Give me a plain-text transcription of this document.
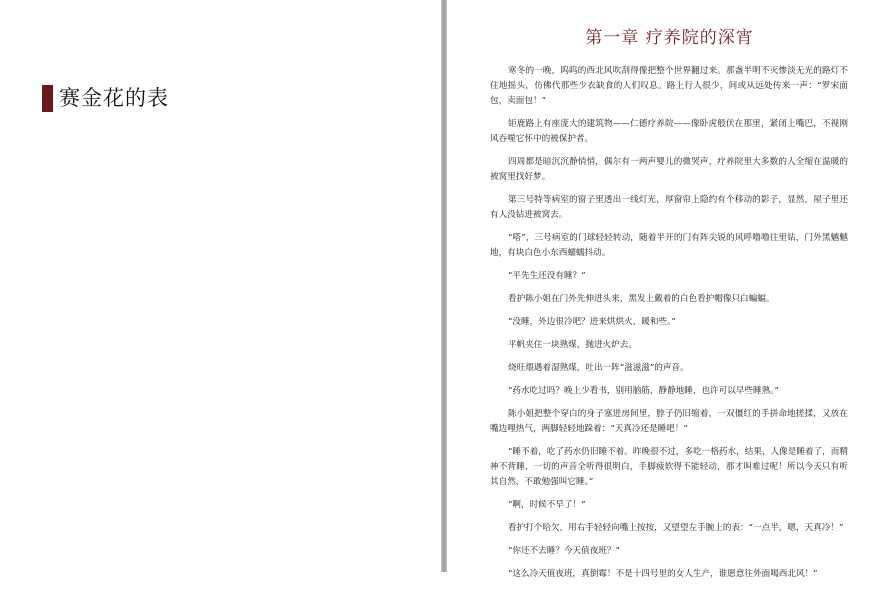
赛金花的表
第一章 疗养院的深宵

寒冬的一晚，呜呜的西北风吹刮得像把整个世界翻过来。那盏半明不灭惨淡无光的路灯不住地摇头，仿佛代那些少衣缺食的人们叹息。路上行人很少，间或从远处传来一声：“罗宋面包，卖面包！”

钜鹿路上有座庞大的建筑物——仁德疗养院——像卧虎般伏在那里，紧闭上嘴巴，不视刚风吞噬它怀中的被保护者。

四周都是暗沉沉静悄悄，偶尔有一两声婴儿的微哭声，疗养院里大多数的人全缩在温暖的被窝里找好梦。

第三号特等病室的窗子里透出一线灯光，厚窗帘上隐约有个移动的影子，显然，屋子里还有人没钻进被窝去。

“嗒”，三号病室的门球轻轻转动，随着半开的门有阵尖锐的风呼噜噜往里钻，门外黑魆魆地，有块白色小东西蠕蠕抖动。

“平先生还没有睡？”

看护陈小姐在门外先伸进头来，黑发上戴着的白色看护帽像只白蝙蝠。

“没睡，外边很冷吧？进来烘烘火，暖和些。”

平帆夹住一块熟煤，抛进火炉去。

烧旺煨遇着湿熟煤，吐出一阵“滋滋滋”的声音。

“药水吃过吗？晚上少看书，别用脑筋，静静地睡，也许可以早些睡熟。”

陈小姐把整个穿白的身子塞进房间里，脖子仍旧缩着，一双僵红的手拼命地搓揉，又放在嘴边哩热气，两脚轻轻地跺着：“天真冷还是睡吧！”

“睡不着，吃了药水仍旧睡不着。昨晚很不过，多吃一格药水，结果，人像是睡着了，而精神不背睡，一切的声音全听得很明白，手脚疲软得不能轻动，那才叫难过呢！所以今天只有听其自然，不敢勉强叫它睡。”

“啊，时候不早了！”

看护打个哈欠，用右手轻轻向嘴上按按，又望望左手腕上的表：“一点半，嗯，天真冷！”

“你还不去睡？今天值夜班？”

“这么冷天值夜班，真倒霉！不是十四号里的女人生产，谁愿意往外面喝西北风！”
